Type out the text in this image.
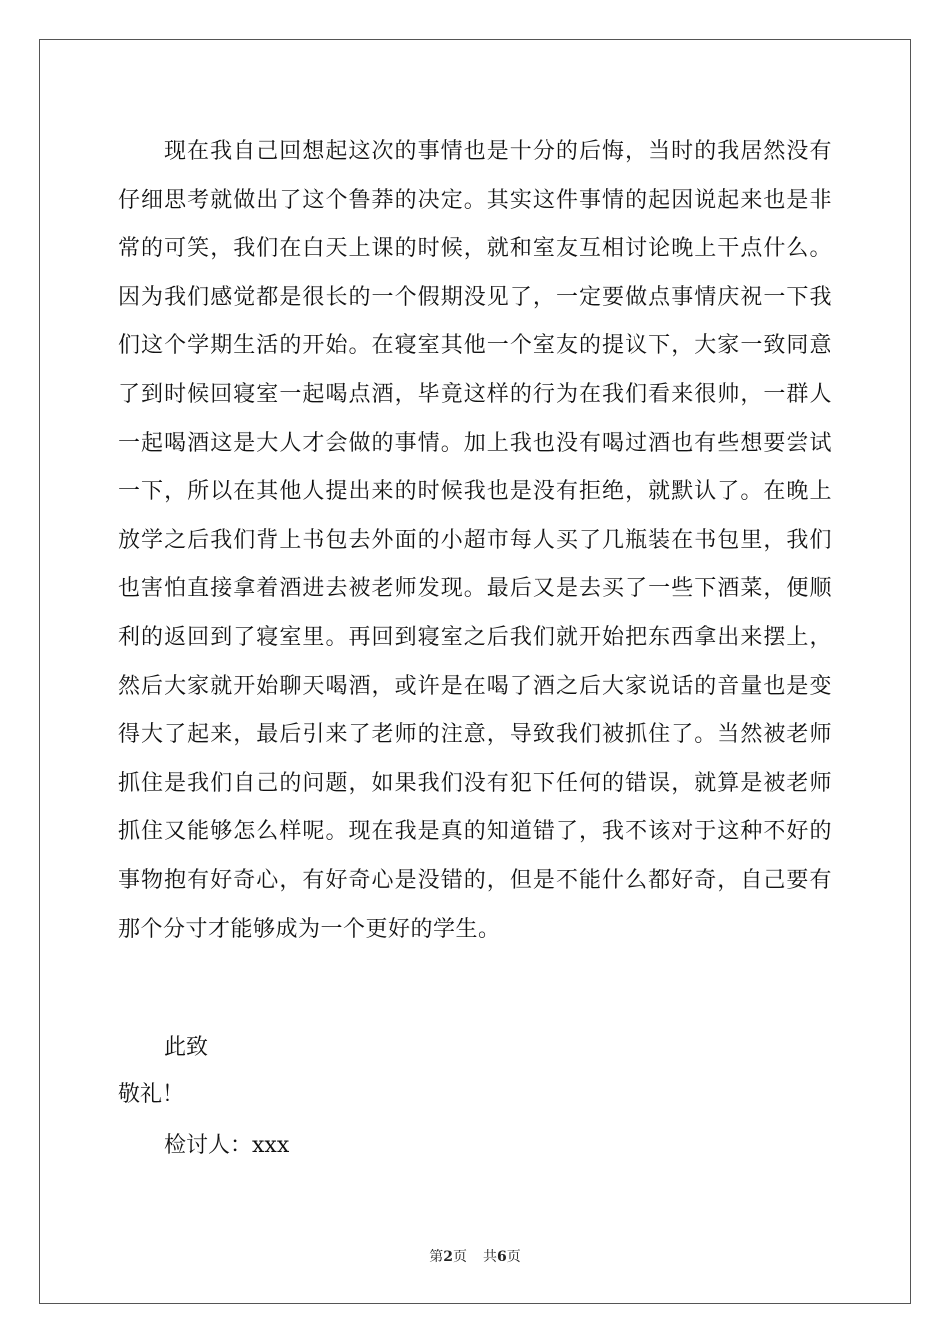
现在我自己回想起这次的事情也是十分的后悔，当时的我居然没有仔细思考就做出了这个鲁莽的决定。其实这件事情的起因说起来也是非常的可笑，我们在白天上课的时候，就和室友互相讨论晚上干点什么。因为我们感觉都是很长的一个假期没见了，一定要做点事情庆祝一下我们这个学期生活的开始。在寝室其他一个室友的提议下，大家一致同意了到时候回寝室一起喝点酒，毕竟这样的行为在我们看来很帅，一群人一起喝酒这是大人才会做的事情。加上我也没有喝过酒也有些想要尝试一下，所以在其他人提出来的时候我也是没有拒绝，就默认了。在晚上放学之后我们背上书包去外面的小超市每人买了几瓶装在书包里，我们也害怕直接拿着酒进去被老师发现。最后又是去买了一些下酒菜，便顺利的返回到了寝室里。再回到寝室之后我们就开始把东西拿出来摆上，然后大家就开始聊天喝酒，或许是在喝了酒之后大家说话的音量也是变得大了起来，最后引来了老师的注意，导致我们被抓住了。当然被老师抓住是我们自己的问题，如果我们没有犯下任何的错误，就算是被老师抓住又能够怎么样呢。现在我是真的知道错了，我不该对于这种不好的事物抱有好奇心，有好奇心是没错的，但是不能什么都好奇，自己要有那个分寸才能够成为一个更好的学生。

此致

敬礼！

检讨人：xxx

第2页 共6页
